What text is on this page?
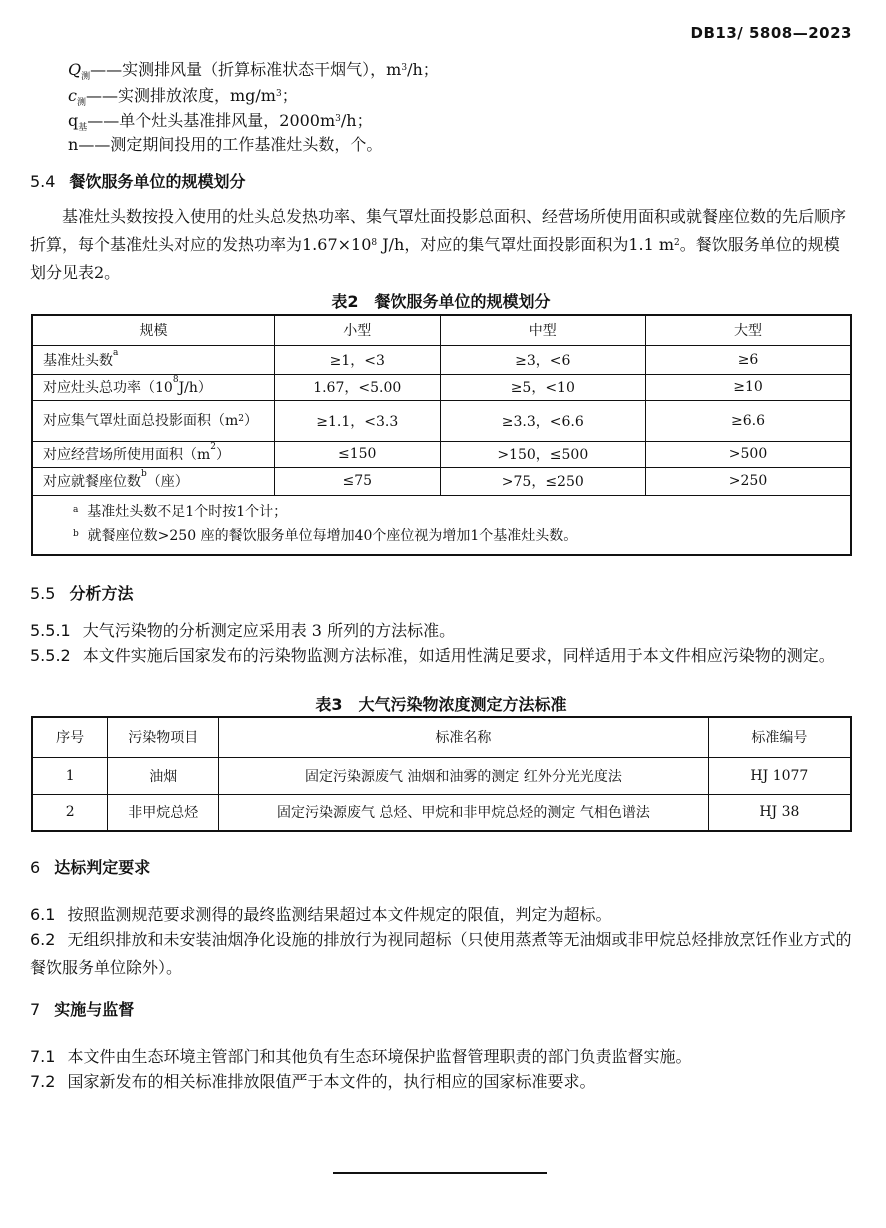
DB13/ 5808—2023
$Q_测——$实测排风量（折算标准状态干烟气），$m^3/h$；
$c_测——$实测排放浓度，$mg/m^3$；
$q_基——$单个灶头基准排风量，$2000m^3/h$；
n——测定期间投用的工作基准灶头数，个。
5.4 餐饮服务单位的规模划分
基准灶头数按投入使用的灶头总发热功率、集气罩灶面投影总面积、经营场所使用面积或就餐座位数的先后顺序折算，每个基准灶头对应的发热功率为$1.67\times 10^8$ J/h，对应的集气罩灶面投影面积为1.1 $m^2$。餐饮服务单位的规模划分见表2。
表2　餐饮服务单位的规模划分
规模	小型	中型	大型
基准灶头数$^a$	≥1，<3	≥3，<6	≥6
对应灶头总功率$(10^8J/h)$	1.67，<5.00	≥5，<10	≥10
对应集气罩灶面总投影面积$(m^2)$	≥1.1，<3.3	≥3.3，<6.6	≥6.6
对应经营场所使用面积$(m^2)$	≤150	>150，≤500	>500
对应就餐座位数$^b$（座）	≤75	>75，≤250	>250

$^a$ 基准灶头数不足1个时按1个计；
$^b$ 就餐座位数>250 座的餐饮服务单位每增加40个座位视为增加1个基准灶头数。			
5.5 分析方法
5.5.1 大气污染物的分析测定应采用表 3 所列的方法标准。
5.5.2 本文件实施后国家发布的污染物监测方法标准，如适用性满足要求，同样适用于本文件相应污染物的测定。
表3　大气污染物浓度测定方法标准
序号	污染物项目	标准名称	标准编号
1	油烟	固定污染源废气 油烟和油雾的测定 红外分光光度法	HJ 1077
2	非甲烷总烃	固定污染源废气 总烃、甲烷和非甲烷总烃的测定 气相色谱法	HJ 38
6 达标判定要求
6.1 按照监测规范要求测得的最终监测结果超过本文件规定的限值，判定为超标。
6.2 无组织排放和未安装油烟净化设施的排放行为视同超标（只使用蒸煮等无油烟或非甲烷总烃排放烹饪作业方式的餐饮服务单位除外）。
7 实施与监督
7.1 本文件由生态环境主管部门和其他负有生态环境保护监督管理职责的部门负责监督实施。
7.2 国家新发布的相关标准排放限值严于本文件的，执行相应的国家标准要求。
